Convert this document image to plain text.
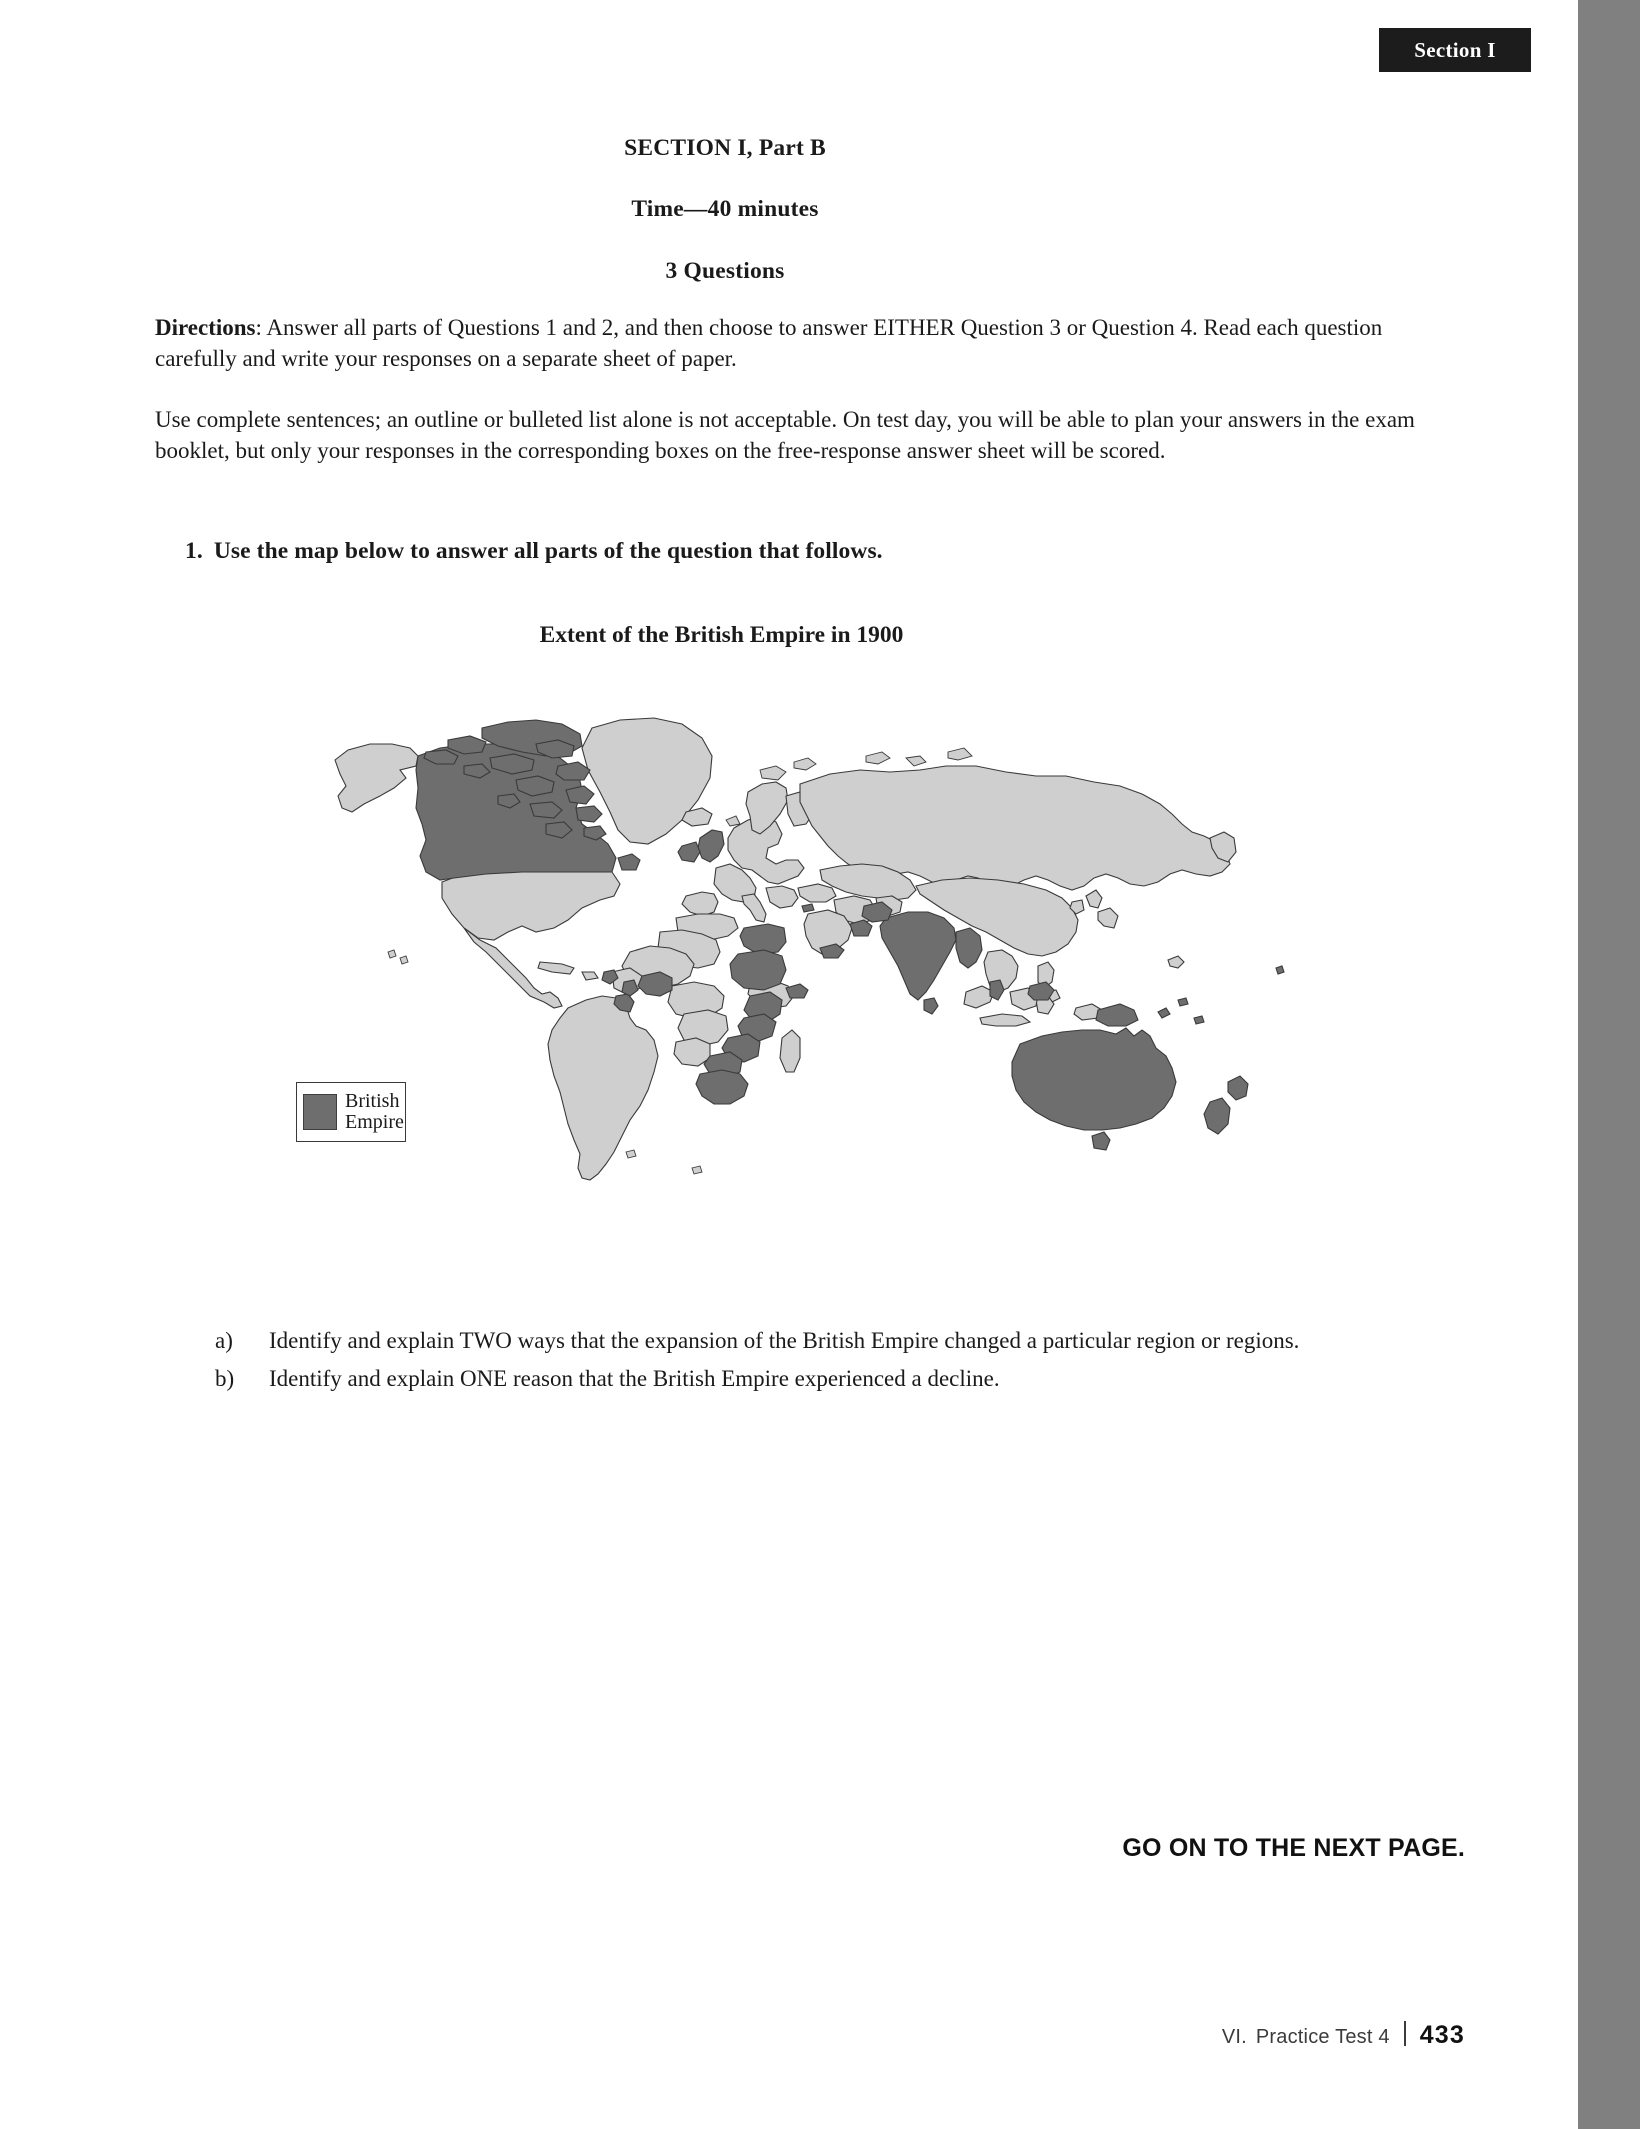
Section I
SECTION I, Part B
Time—40 minutes
3 Questions
Directions: Answer all parts of Questions 1 and 2, and then choose to answer EITHER Question 3 or Question 4. Read each question carefully and write your responses on a separate sheet of paper.
Use complete sentences; an outline or bulleted list alone is not acceptable. On test day, you will be able to plan your answers in the exam booklet, but only your responses in the corresponding boxes on the free-response answer sheet will be scored.
1. Use the map below to answer all parts of the question that follows.
Extent of the British Empire in 1900
British
Empire
a)	Identify and explain TWO ways that the expansion of the British Empire changed a particular region or regions.
b)	Identify and explain ONE reason that the British Empire experienced a decline.
GO ON TO THE NEXT PAGE.
VI. Practice Test 4 433
